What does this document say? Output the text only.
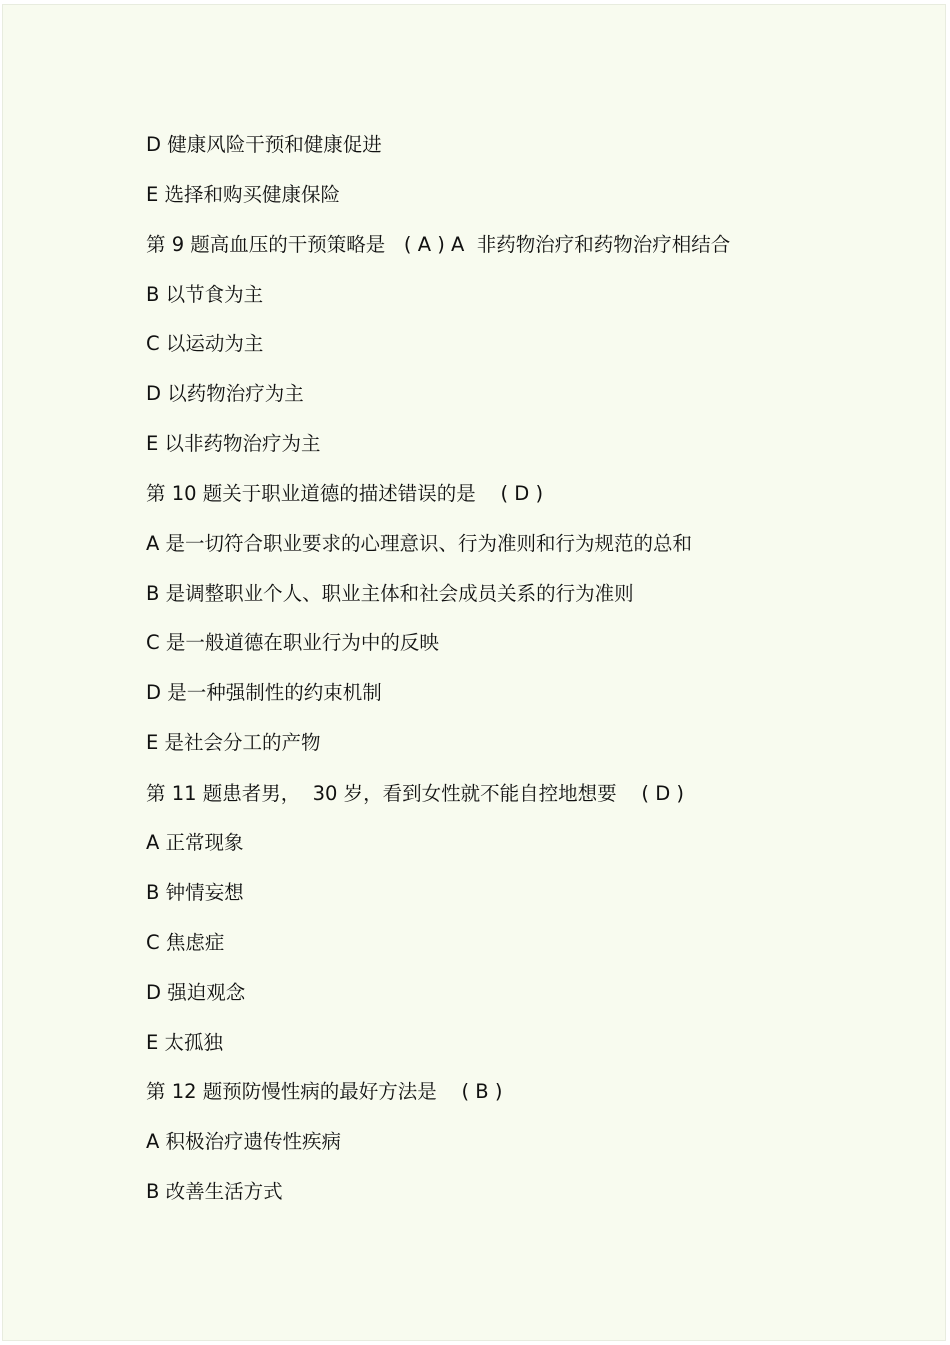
D 健康风险干预和健康促进
E 选择和购买健康保险
第 9 题高血压的干预策略是   ( A ) A  非药物治疗和药物治疗相结合
B 以节食为主
C 以运动为主
D 以药物治疗为主
E 以非药物治疗为主
第 10 题关于职业道德的描述错误的是    ( D )
A 是一切符合职业要求的心理意识、行为准则和行为规范的总和
B 是调整职业个人、职业主体和社会成员关系的行为准则
C 是一般道德在职业行为中的反映
D 是一种强制性的约束机制
E 是社会分工的产物
第 11 题患者男，  30 岁，看到女性就不能自控地想要    ( D )
A 正常现象
B 钟情妄想
C 焦虑症
D 强迫观念
E 太孤独
第 12 题预防慢性病的最好方法是    ( B )
A 积极治疗遗传性疾病
B 改善生活方式
